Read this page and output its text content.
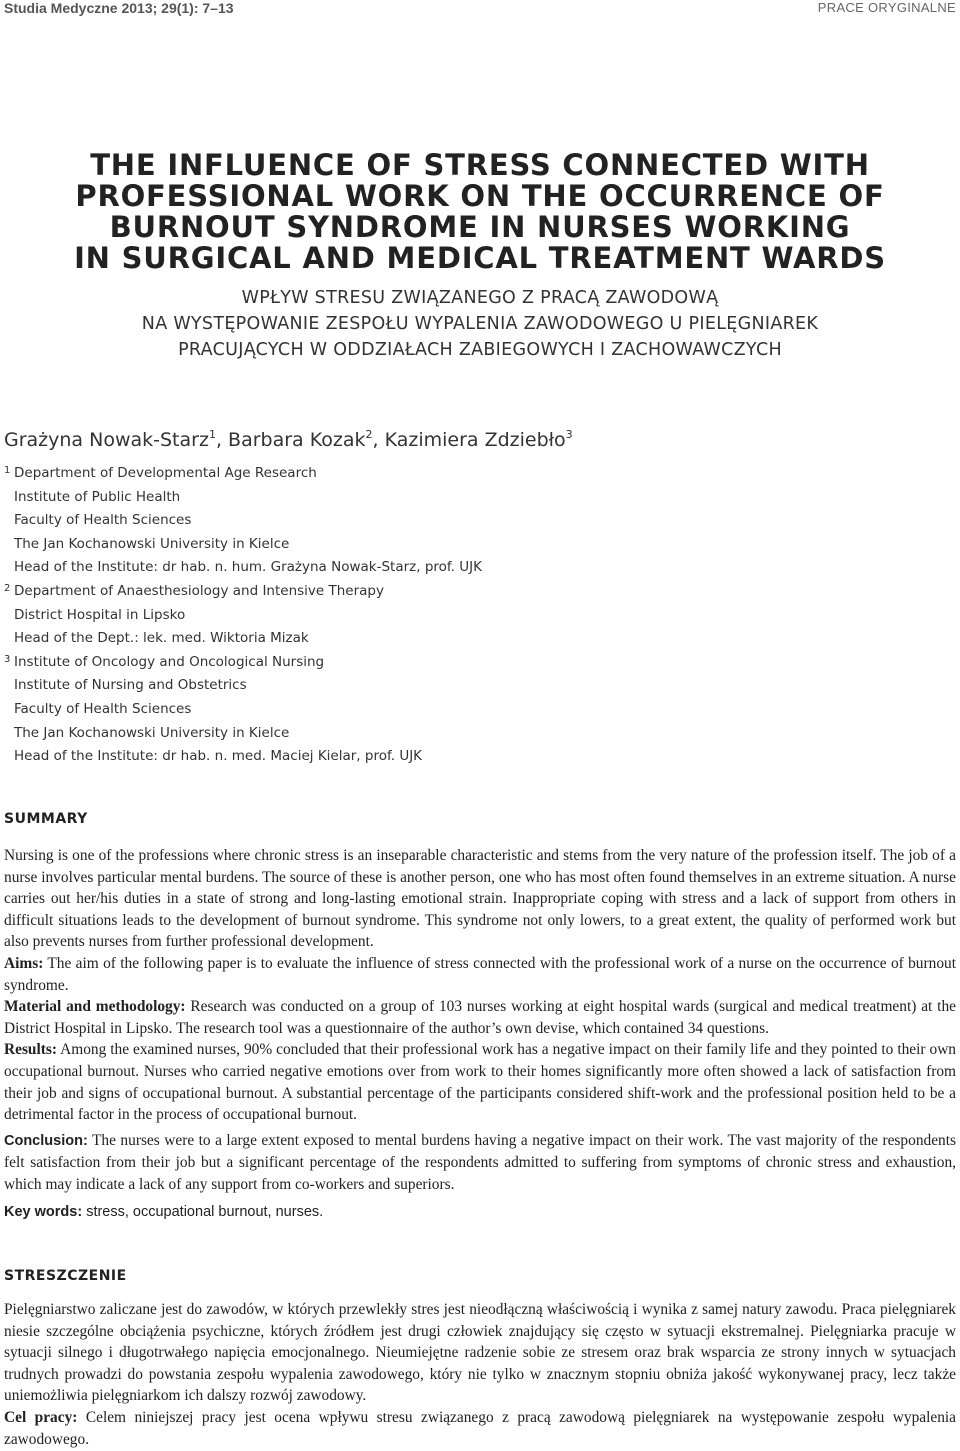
Studia Medyczne 2013; 29(1): 7–13	PRACE ORYGINALNE
THE INFLUENCE OF STRESS CONNECTED WITH
PROFESSIONAL WORK ON THE OCCURRENCE OF
BURNOUT SYNDROME IN NURSES WORKING
IN SURGICAL AND MEDICAL TREATMENT WARDS
WPŁYW STRESU ZWIĄZANEGO Z PRACĄ ZAWODOWĄ
NA WYSTĘPOWANIE ZESPOŁU WYPALENIA ZAWODOWEGO U PIELĘGNIAREK
PRACUJĄCYCH W ODDZIAŁACH ZABIEGOWYCH I ZACHOWAWCZYCH
Grażyna Nowak-Starz$^1$, Barbara Kozak$^2$, Kazimiera Zdziebło$^3$
1 Department of Developmental Age Research
Institute of Public Health
Faculty of Health Sciences
The Jan Kochanowski University in Kielce
Head of the Institute: dr hab. n. hum. Grażyna Nowak-Starz, prof. UJK
2 Department of Anaesthesiology and Intensive Therapy
District Hospital in Lipsko
Head of the Dept.: lek. med. Wiktoria Mizak
3 Institute of Oncology and Oncological Nursing
Institute of Nursing and Obstetrics
Faculty of Health Sciences
The Jan Kochanowski University in Kielce
Head of the Institute: dr hab. n. med. Maciej Kielar, prof. UJK
SUMMARY

Nursing is one of the professions where chronic stress is an inseparable characteristic and stems from the very nature of the profession itself. The job of a nurse involves particular mental burdens. The source of these is another person, one who has most often found themselves in an extreme situation. A nurse carries out her/his duties in a state of strong and long-lasting emotional strain. Inappropriate coping with stress and a lack of support from others in difficult situations leads to the development of burnout syndrome. This syndrome not only lowers, to a great extent, the quality of performed work but also prevents nurses from further professional development.

Aims: The aim of the following paper is to evaluate the influence of stress connected with the professional work of a nurse on the occurrence of burnout syndrome.

Material and methodology: Research was conducted on a group of 103 nurses working at eight hospital wards (surgical and medical treatment) at the District Hospital in Lipsko. The research tool was a questionnaire of the author’s own devise, which contained 34 questions.

Results: Among the examined nurses, 90% concluded that their professional work has a negative impact on their family life and they pointed to their own occupational burnout. Nurses who carried negative emotions over from work to their homes significantly more often showed a lack of satisfaction from their job and signs of occupational burnout. A substantial percentage of the participants considered shift-work and the professional position held to be a detrimental factor in the process of occupational burnout.

Conclusion: The nurses were to a large extent exposed to mental burdens having a negative impact on their work. The vast majority of the respondents felt satisfaction from their job but a significant percentage of the respondents admitted to suffering from symptoms of chronic stress and exhaustion, which may indicate a lack of any support from co-workers and superiors.

Key words: stress, occupational burnout, nurses.

STRESZCZENIE

Pielęgniarstwo zaliczane jest do zawodów, w których przewlekły stres jest nieodłączną właściwością i wynika z samej natury zawodu. Praca pielęgniarek niesie szczególne obciążenia psychiczne, których źródłem jest drugi człowiek znajdujący się często w sytuacji ekstremalnej. Pielęgniarka pracuje w sytuacji silnego i długotrwałego napięcia emocjonalnego. Nieumiejętne radzenie sobie ze stresem oraz brak wsparcia ze strony innych w sytuacjach trudnych prowadzi do powstania zespołu wypalenia zawodowego, który nie tylko w znacznym stopniu obniża jakość wykonywanej pracy, lecz także uniemożliwia pielęgniarkom ich dalszy rozwój zawodowy.

Cel pracy: Celem niniejszej pracy jest ocena wpływu stresu związanego z pracą zawodową pielęgniarek na występowanie zespołu wypalenia zawodowego.
